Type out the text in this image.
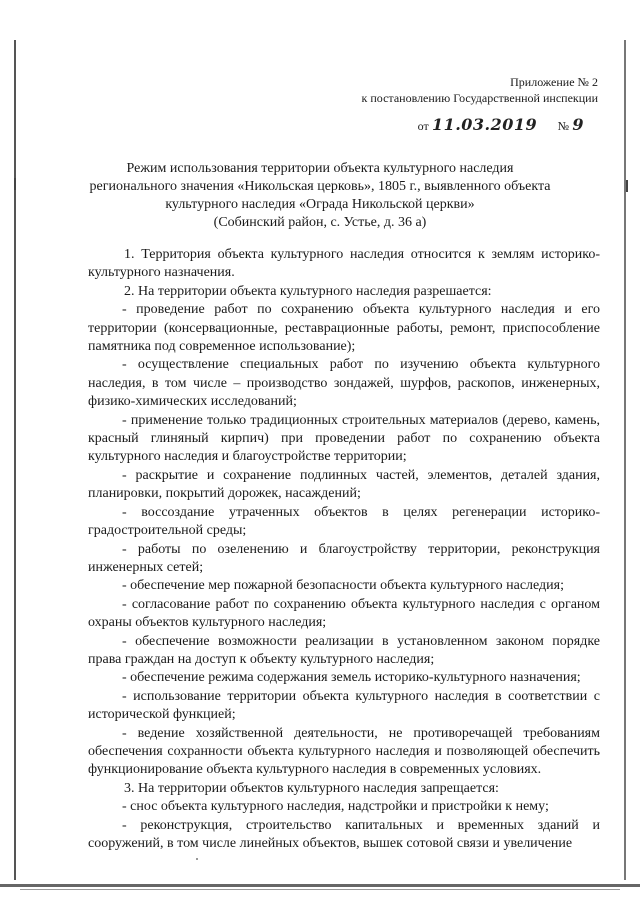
Приложение № 2
к постановлению Государственной инспекции
от 11.03.2019 № 9
Режим использования территории объекта культурного наследия
регионального значения «Никольская церковь», 1805 г., выявленного объекта
культурного наследия «Ограда Никольской церкви»
(Собинский район, с. Устье, д. 36 а)

1. Территория объекта культурного наследия относится к землям историко-культурного назначения.

2. На территории объекта культурного наследия разрешается:

- проведение работ по сохранению объекта культурного наследия и его территории (консервационные, реставрационные работы, ремонт, приспособление памятника под современное использование);

- осуществление специальных работ по изучению объекта культурного наследия, в том числе – производство зондажей, шурфов, раскопов, инженерных, физико-химических исследований;

- применение только традиционных строительных материалов (дерево, камень, красный глиняный кирпич) при проведении работ по сохранению объекта культурного наследия и благоустройстве территории;

- раскрытие и сохранение подлинных частей, элементов, деталей здания, планировки, покрытий дорожек, насаждений;

- воссоздание утраченных объектов в целях регенерации историко-градостроительной среды;

- работы по озеленению и благоустройству территории, реконструкция инженерных сетей;

- обеспечение мер пожарной безопасности объекта культурного наследия;

- согласование работ по сохранению объекта культурного наследия с органом охраны объектов культурного наследия;

- обеспечение возможности реализации в установленном законом порядке права граждан на доступ к объекту культурного наследия;

- обеспечение режима содержания земель историко-культурного назначения;

- использование территории объекта культурного наследия в соответствии с исторической функцией;

- ведение хозяйственной деятельности, не противоречащей требованиям обеспечения сохранности объекта культурного наследия и позволяющей обеспечить функционирование объекта культурного наследия в современных условиях.

3. На территории объектов культурного наследия запрещается:

- снос объекта культурного наследия, надстройки и пристройки к нему;

- реконструкция, строительство капитальных и временных зданий и сооружений, в том числе линейных объектов, вышек сотовой связи и увеличение
